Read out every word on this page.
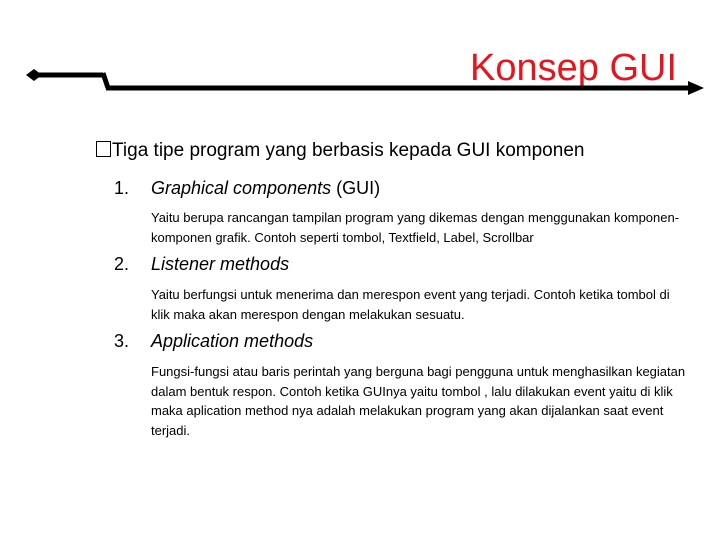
Konsep GUI
Tiga tipe program yang berbasis kepada GUI komponen
1. Graphical components (GUI)
Yaitu berupa rancangan tampilan program yang dikemas dengan menggunakan komponen-komponen grafik. Contoh seperti tombol, Textfield, Label, Scrollbar
2. Listener methods
Yaitu berfungsi untuk menerima dan merespon event yang terjadi. Contoh ketika tombol di klik maka akan merespon dengan melakukan sesuatu.
3. Application methods
Fungsi-fungsi atau baris perintah yang berguna bagi pengguna untuk menghasilkan kegiatan dalam bentuk respon. Contoh ketika GUInya yaitu tombol , lalu dilakukan event yaitu di klik maka aplication method nya adalah melakukan program yang akan dijalankan saat event terjadi.
